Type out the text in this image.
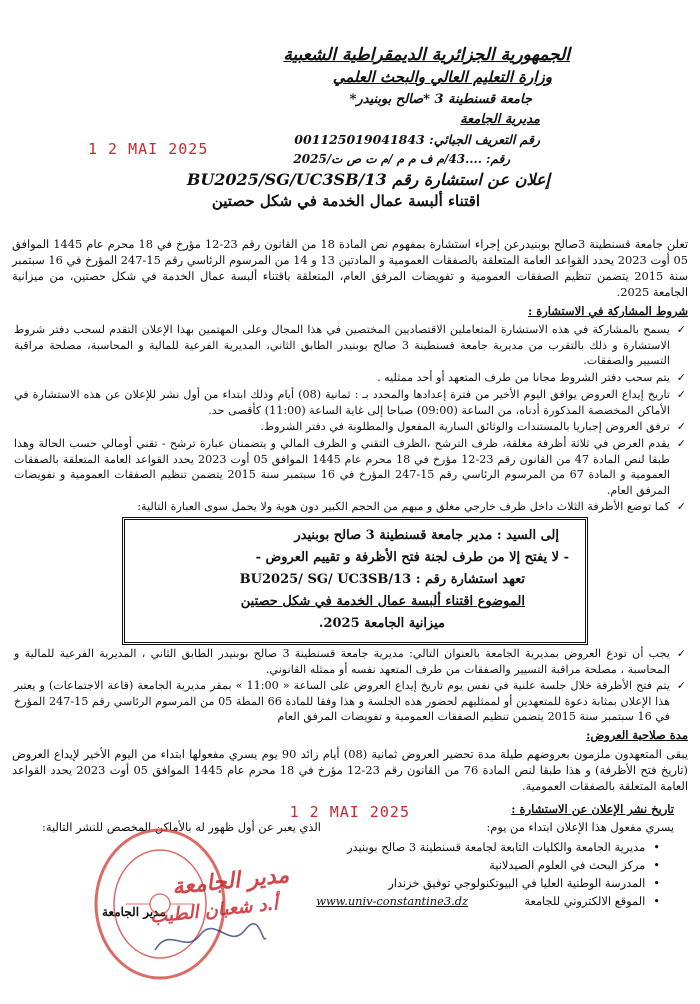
الجمهورية الجزائرية الديمقراطية الشعبية
وزارة التعليم العالي والبحث العلمي
جامعة قسنطينة 3 *صالح بوبنيدر*
مديرية الجامعة
رقم التعريف الجبائي: 001125019041843
رقم: ....43/م ف م م /م ت ص ت/2025
1 2 MAI 2025
إعلان عن استشارة رقم BU2025/SG/UC3SB/13
اقتناء ألبسة عمال الخدمة في شكل حصتين
تعلن جامعة قسنطينة 3صالح بوبنيدرعن إجراء استشارة بمفهوم نص المادة 18 من القانون رقم 23-12 مؤرخ في 18 محرم عام 1445 الموافق 05 أوت 2023 يحدد القواعد العامة المتعلقة بالصفقات العمومية و المادتين 13 و 14 من المرسوم الرئاسي رقم 15-247 المؤرخ في 16 سبتمبر سنة 2015 يتضمن تنظيم الصفقات العمومية و تفويضات المرفق العام، المتعلقة باقتناء ألبسة عمال الخدمة في شكل حصتين، من ميزانية الجامعة 2025.
شروط المشاركة في الاستشارة :
✓ يسمح بالمشاركة في هذه الاستشارة المتعاملين الاقتصاديين المختصين في هذا المجال وعلى المهتمين بهذا الإعلان التقدم لسحب دفتر شروط الاستشارة و ذلك بالتقرب من مديرية جامعة قسنطينة 3 صالح بوبنيدر الطابق الثاني، المديرية الفرعية للمالية و المحاسبة، مصلحة مراقبة التسيير والصفقات.
✓ يتم سحب دفتر الشروط مجانا من طرف المتعهد أو أحد ممثليه .
✓ تاريخ إيداع العروض يوافق اليوم الأخير من فترة إعدادها والمحدد بـ : ثمانية (08) أيام وذلك ابتداء من أول نشر للإعلان عن هذه الاستشارة في الأماكن المخصصة المذكورة أدناه، من الساعة (09:00) صباحا إلى غاية الساعة (11:00) كأقصى حد.
✓ ترفق العروض إجباريا بالمستندات والوثائق السارية المفعول والمطلوبة في دفتر الشروط.
✓ يقدم العرض في ثلاثة أظرفة مغلقة، ظرف الترشح ،الظرف التقني و الظرف المالي و يتضمنان عبارة ترشح - تقني أومالي حسب الحالة وهذا طبقا لنص المادة 47 من القانون رقم 23-12 مؤرخ في 18 محرم عام 1445 الموافق 05 أوت 2023 يحدد القواعد العامة المتعلقة بالصفقات العمومية و المادة 67 من المرسوم الرئاسي رقم 15-247 المؤرخ في 16 سبتمبر سنة 2015 يتضمن تنظيم الصفقات العمومية و تفويضات المرفق العام.
✓ كما توضع الأظرفة الثلاث داخل ظرف خارجي مغلق و مبهم من الحجم الكبير دون هوية ولا يحمل سوى العبارة التالية:
إلى السيد : مدير جامعة قسنطينة 3 صالح بوبنيدر
- لا يفتح إلا من طرف لجنة فتح الأظرفة و تقييم العروض -
تعهد استشارة رقم : BU2025/ SG/ UC3SB/13
الموضوع اقتناء ألبسة عمال الخدمة في شكل حصتين
ميزانية الجامعة 2025.
✓ يجب أن تودع العروض بمديرية الجامعة بالعنوان التالي: مديرية جامعة قسنطينة 3 صالح بوبنيدر الطابق الثاني ، المديرية الفرعية للمالية و المحاسبة ، مصلحة مراقبة التسيير والصفقات من طرف المتعهد نفسه أو ممثله القانوني.
✓ يتم فتح الأظرفة خلال جلسة علنية في نفس يوم تاريخ إيداع العروض على الساعة « 11:00 » بمقر مديرية الجامعة (قاعة الاجتماعات) و يعتبر هذا الإعلان بمثابة دعوة للمتعهدين أو لممثليهم لحضور هذه الجلسة و هذا وفقا للمادة 66 المطة 05 من المرسوم الرئاسي رقم 15-247 المؤرخ في 16 سبتمبر سنة 2015 يتضمن تنظيم الصفقات العمومية و تفويضات المرفق العام
مدة صلاحية العروض:
يبقى المتعهدون ملزمون بعروضهم طيلة مدة تحضير العروض ثمانية (08) أيام زائد 90 يوم يسري مفعولها ابتداء من اليوم الأخير لإيداع العروض (تاريخ فتح الأظرفة) و هذا طبقا لنص المادة 76 من القانون رقم 23-12 مؤرخ في 18 محرم عام 1445 الموافق 05 أوت 2023 يحدد القواعد العامة المتعلقة بالصفقات العمومية.
تاريخ نشر الإعلان عن الاستشارة :
يسري مفعول هذا الإعلان ابتداء من يوم:
1 2 MAI 2025
الذي يعبر عن أول ظهور له بالأماكن المخصص للنشر التالية:
• مديرية الجامعة والكليات التابعة لجامعة قسنطينة 3 صالح بوبنيدر
• مركز البحث في العلوم الصيدلانية
• المدرسة الوطنية العليا في البيوتكنولوجي توفيق خزندار
• الموقع الالكتروني للجامعة
www.univ-constantine3.dz
مدير الجامعة
مدير الجامعة
أ.د شعبان الطيب
